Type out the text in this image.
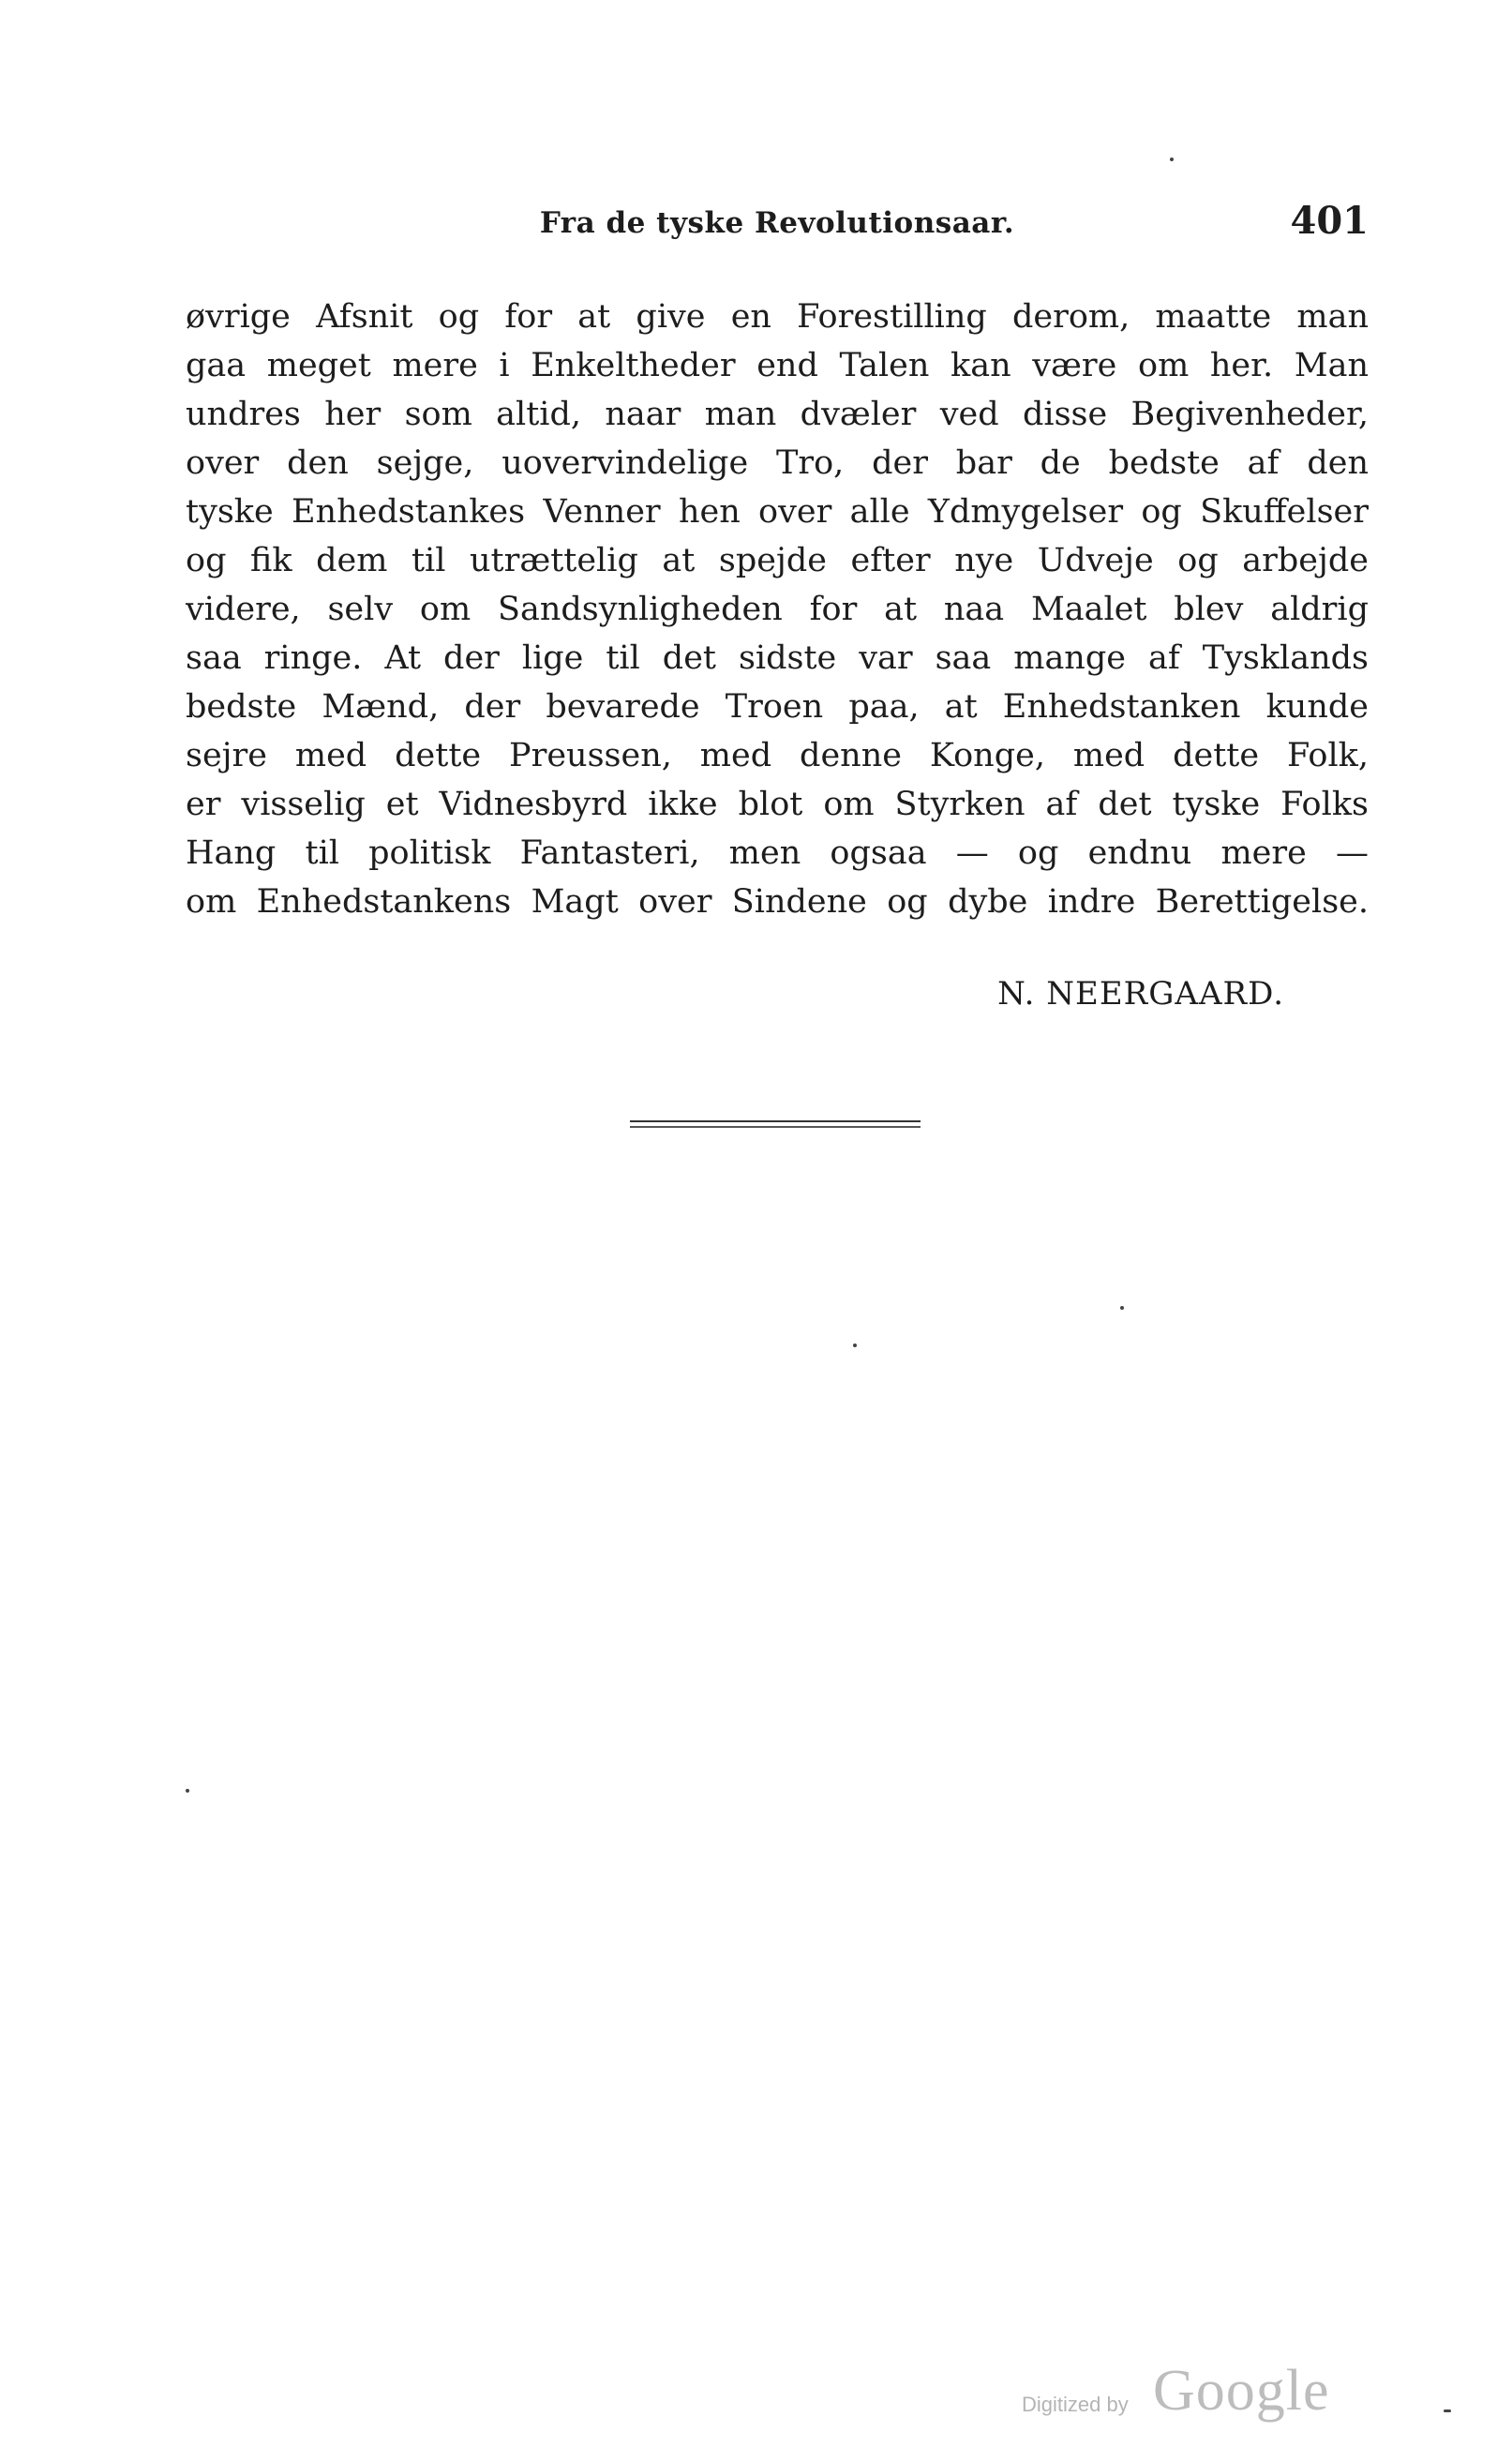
Fra de tyske Revolutionsaar.	401
øvrige Afsnit og for at give en Forestilling derom, maatte man
gaa meget mere i Enkeltheder end Talen kan være om her. Man
undres her som altid, naar man dvæler ved disse Begivenheder,
over den sejge, uovervindelige Tro, der bar de bedste af den
tyske Enhedstankes Venner hen over alle Ydmygelser og Skuffelser
og fik dem til utrættelig at spejde efter nye Udveje og arbejde
videre, selv om Sandsynligheden for at naa Maalet blev aldrig
saa ringe. At der lige til det sidste var saa mange af Tysklands
bedste Mænd, der bevarede Troen paa, at Enhedstanken kunde
sejre med dette Preussen, med denne Konge, med dette Folk,
er visselig et Vidnesbyrd ikke blot om Styrken af det tyske Folks
Hang til politisk Fantasteri, men ogsaa — og endnu mere —
om Enhedstankens Magt over Sindene og dybe indre Berettigelse.
N. NEERGAARD.
Digitized by Google
